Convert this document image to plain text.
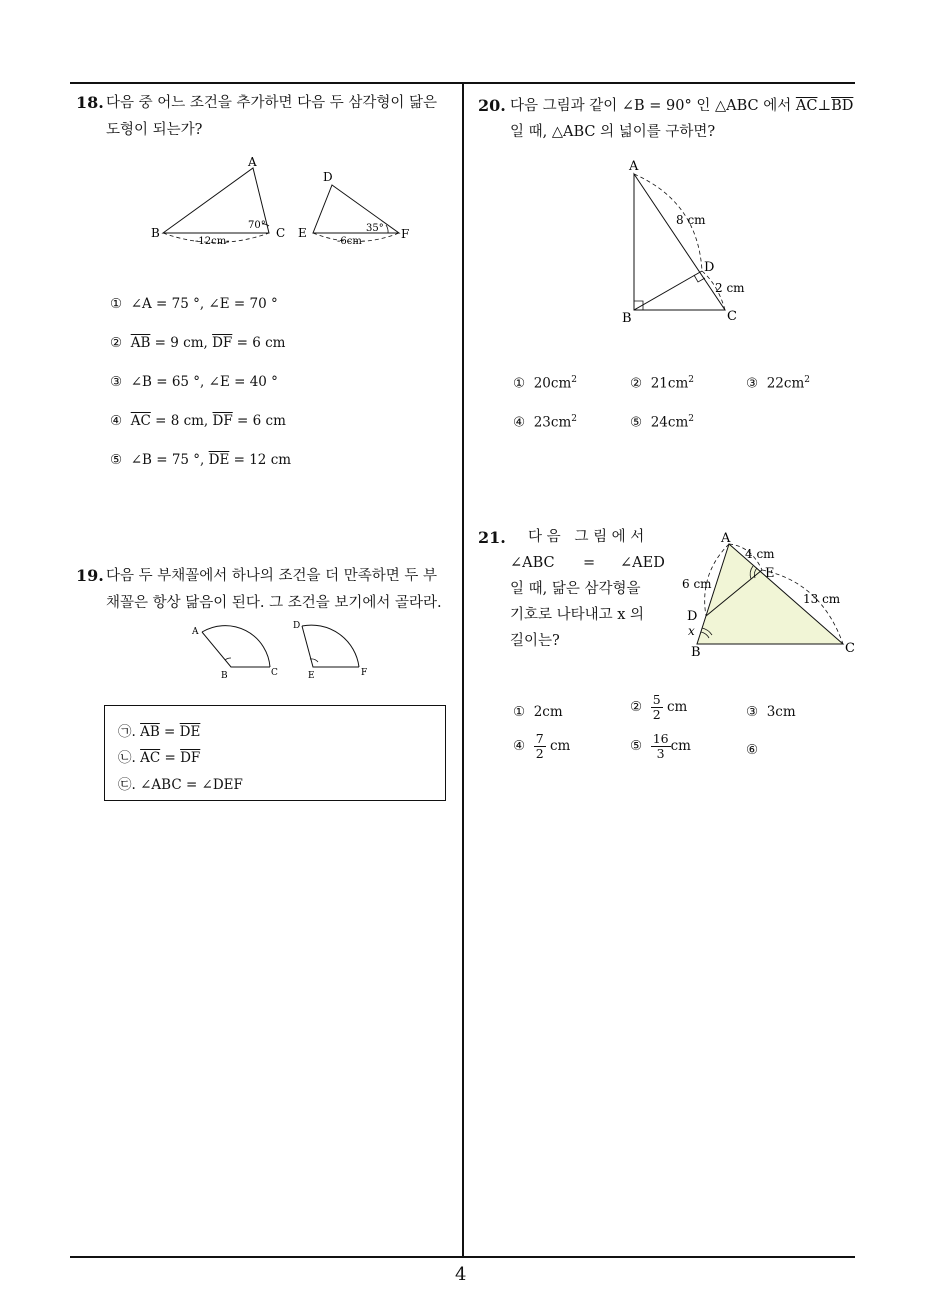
4
18. 다음 중 어느 조건을 추가하면 다음 두 삼각형이 닮은
도형이 되는가?
A
B	C
70°
-12cm-
D
E	F
35°
-6cm-
① ∠A = 75 °, ∠E = 70 °
② $\overline{AB} = 9$ cm, $\overline{DF} = 6$ cm
③ ∠B = 65 °, ∠E = 40 °
④ $\overline{AC} = 8$ cm, $\overline{DF} = 6$ cm
⑤ ∠B = 75 °, $\overline{DE} = 12$ cm
19. 다음 두 부채꼴에서 하나의 조건을 더 만족하면 두 부
채꼴은 항상 닮음이 된다. 그 조건을 보기에서 골라라.
A
B	C
D
E	F
㉠. $\overline{AB} = \overline{DE}$
㉡. $\overline{AC} = \overline{DF}$
㉢. ∠ABC = ∠DEF
20. 다음 그림과 같이 ∠B = 90° 인 △ABC 에서 $\overline{AC}\perp\overline{BD}$
일 때, △ABC 의 넓이를 구하면?
A
B	C
D
8 cm
2 cm
① $20cm^2$	② $21cm^2$	③ $22cm^2$
④ $23cm^2$	⑤ $24cm^2$
21. 다 음   그 림 에 서
∠ABC = ∠AED
일 때, 닮은 삼각형을
기호로 나타내고 x 의
길이는?
A
B	C
D
E
x
4 cm
6 cm
13 cm
① 2cm	② $\frac{5}{2}$ cm	③ 3cm
④ $\frac{7}{2}$ cm	⑤ $\frac{16}{3}$ cm	⑥
